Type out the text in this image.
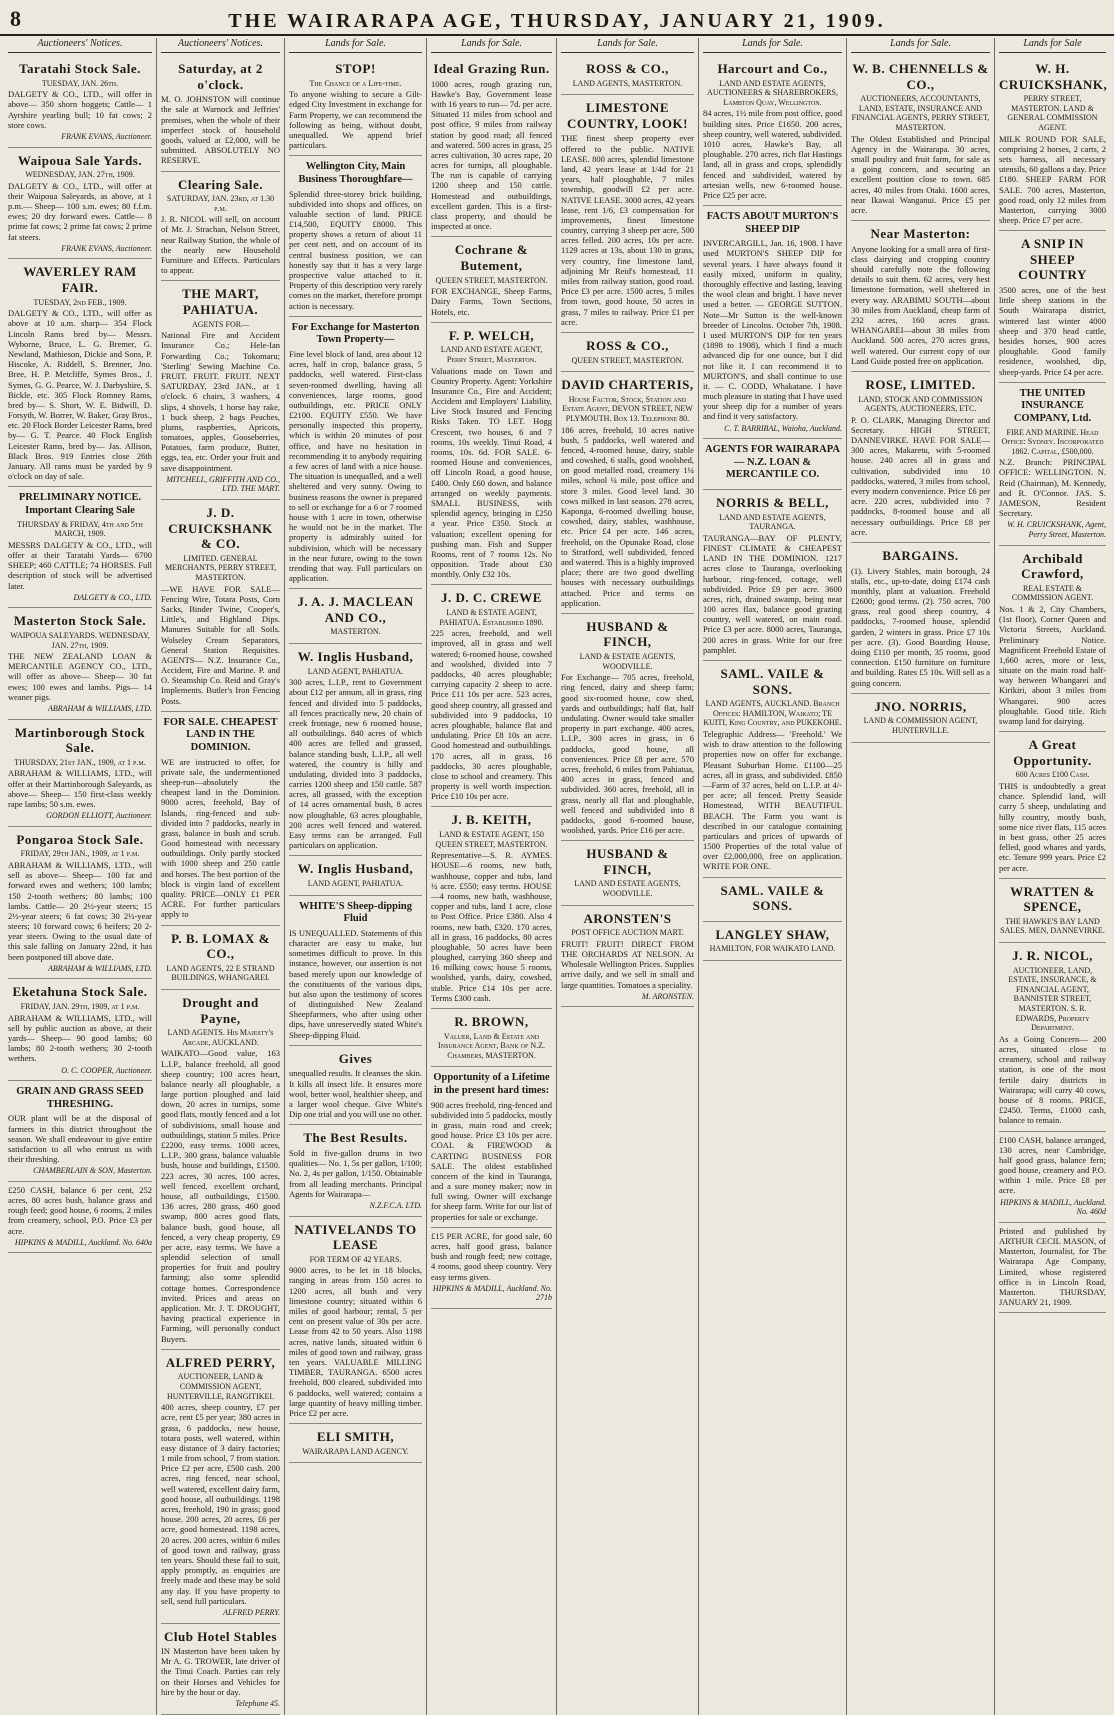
8	THE WAIRARAPA AGE, THURSDAY, JANUARY 21, 1909.
Auctioneers' Notices.
Taratahi Stock Sale.
TUESDAY, JAN. 26th.
DALGETY & CO., LTD., will offer in above— 350 shorn hoggets; Cattle— 1 Ayrshire yearling bull; 10 fat cows; 2 store cows.
FRANK EVANS, Auctioneer.
Waipoua Sale Yards.
WEDNESDAY, JAN. 27th, 1909.
DALGETY & CO., LTD., will offer at their Waipoua Saleyards, as above, at 1 p.m.— Sheep— 100 s.m. ewes; 80 f.f.m. ewes; 20 dry forward ewes. Cattle— 8 prime fat cows; 2 prime fat cows; 2 prime fat steers.
FRANK EVANS, Auctioneer.
WAVERLEY RAM FAIR.
TUESDAY, 2nd FEB., 1909.
DALGETY & CO., LTD., will offer as above at 10 a.m. sharp— 354 Flock Lincoln Rams bred by— Messrs. Wyborne, Bruce, L. G. Bremer, G. Newland, Mathieson, Dickie and Sons, P. Hiscoke, A. Riddell, S. Brenner, Jno. Bree, H. P. Metcliffe, Symes Bros., J. Symes, G. G. Pearce, W. J. Darbyshire, S. Bickle, etc. 305 Flock Romney Rams, bred by— S. Short, W. E. Bidwill, D. Forsyth, W. Borrer, W. Baker, Gray Bros., etc. 20 Flock Border Leicester Rams, bred by— G. T. Pearce. 40 Flock English Leicester Rams, bred by— Jas. Allison, Black Bros. 919 Entries close 26th January. All rams must be yarded by 9 o'clock on day of sale.
PRELIMINARY NOTICE. Important Clearing Sale
THURSDAY & FRIDAY, 4th and 5th MARCH, 1909.
MESSRS DALGETY & CO., LTD., will offer at their Taratahi Yards— 6700 SHEEP; 460 CATTLE; 74 HORSES. Full description of stock will be advertised later.
DALGETY & CO., LTD.
Masterton Stock Sale.
WAIPOUA SALEYARDS. WEDNESDAY, JAN. 27th, 1909.
THE NEW ZEALAND LOAN & MERCANTILE AGENCY CO., LTD., will offer as above— Sheep— 30 fat ewes; 100 ewes and lambs. Pigs— 14 weaner pigs.
ABRAHAM & WILLIAMS, LTD.
Martinborough Stock Sale.
THURSDAY, 21st JAN., 1909, at 1 p.m.
ABRAHAM & WILLIAMS, LTD., will offer at their Martinborough Saleyards, as above— Sheep— 150 first-class weekly rape lambs; 50 s.m. ewes.
GORDON ELLIOTT, Auctioneer.
Pongaroa Stock Sale.
FRIDAY, 29th JAN., 1909, at 1 p.m.
ABRAHAM & WILLIAMS, LTD., will sell as above— Sheep— 100 fat and forward ewes and wethers; 100 lambs; 150 2-tooth wethers; 80 lambs; 100 lambs. Cattle— 20 2½-year steers; 15 2½-year steers; 6 fat cows; 30 2½-year steers; 10 forward cows; 6 heifers; 20 2-year steers. Owing to the usual date of this sale falling on January 22nd, it has been postponed till above date.
ABRAHAM & WILLIAMS, LTD.
Eketahuna Stock Sale.
FRIDAY, JAN. 29th, 1909, at 1 p.m.
ABRAHAM & WILLIAMS, LTD., will sell by public auction as above, at their yards— Sheep— 90 good lambs; 60 lambs; 80 2-tooth wethers; 30 2-tooth wethers.
O. C. COOPER, Auctioneer.
GRAIN AND GRASS SEED THRESHING.
OUR plant will be at the disposal of farmers in this district throughout the season. We shall endeavour to give entire satisfaction to all who entrust us with their threshing.
CHAMBERLAIN & SON, Masterton.
£250 CASH, balance 6 per cent, 252 acres, 80 acres bush, balance grass and rough feed; good house, 6 rooms, 2 miles from creamery, school, P.O. Price £3 per acre.
HIPKINS & MADILL, Auckland. No. 640a
Auctioneers' Notices.
Saturday, at 2 o'clock.
M. O. JOHNSTON will continue the sale at Warnock and Jeffries' premises, when the whole of their imperfect stock of household goods, valued at £2,000, will be submitted. ABSOLUTELY NO RESERVE.
Clearing Sale.
SATURDAY, JAN. 23rd, at 1.30 p.m.
J. R. NICOL will sell, on account of Mr. J. Strachan, Nelson Street, near Railway Station, the whole of the nearly new Household Furniture and Effects. Particulars to appear.
THE MART, PAHIATUA.
AGENTS FOR—
National Fire and Accident Insurance Co.; Hele-Ian Forwarding Co.; Tokomaru; 'Sterling' Sewing Machine Co. FRUIT. FRUIT. FRUIT. NEXT SATURDAY, 23rd JAN., at 1 o'clock. 6 chairs, 3 washers, 4 slips, 4 shovels, 1 horse hay rake, 1 buck sheep, 2 bags Peaches, plums, raspberries, Apricots, tomatoes, apples, Gooseberries, Potatoes, farm produce, Butter, eggs, tea, etc. Order your fruit and save disappointment.
MITCHELL, GRIFFITH AND CO., LTD. THE MART.
J. D. CRUICKSHANK & CO.
LIMITED. GENERAL MERCHANTS, PERRY STREET, MASTERTON.
—WE HAVE FOR SALE— Fencing Wire, Totara Posts, Corn Sacks, Binder Twine, Cooper's, Little's, and Highland Dips. Manures Suitable for all Soils. Wolseley Cream Separators, General Station Requisites. AGENTS— N.Z. Insurance Co., Accident, Fire and Marine. P. and O. Steamship Co. Reid and Gray's Implements. Butler's Iron Fencing Posts.
FOR SALE. CHEAPEST LAND IN THE DOMINION.
WE are instructed to offer, for private sale, the undermentioned sheep-run—absolutely the cheapest land in the Dominion. 9000 acres, freehold, Bay of Islands, ring-fenced and sub-divided into 7 paddocks, nearly in grass, balance in bush and scrub. Good homestead with necessary outbuildings. Only partly stocked with 1000 sheep and 250 cattle and horses. The best portion of the block is virgin land of excellent quality. PRICE—ONLY £1 PER ACRE. For further particulars apply to
P. B. LOMAX & CO.,
LAND AGENTS, 22 E STRAND BUILDINGS, WHANGAREI.
Drought and Payne,
LAND AGENTS. His Majesty's Arcade, AUCKLAND.
WAIKATO—Good value, 163 L.I.P., balance freehold, all good sheep country; 100 acres heart, balance nearly all ploughable, a large portion ploughed and laid down, 20 acres in turnips, some good flats, mostly fenced and a lot of subdivisions, small house and outbuildings, station 5 miles. Price £2200, easy terms. 1000 acres, L.I.P., 300 grass, balance valuable bush, house and buildings, £1500. 223 acres, 30 acres, 100 acres, well fenced, excellent orchard, house, all outbuildings, £1500. 136 acres, 280 grass, 460 good swamp, 800 acres good flats, balance bush, good house, all fenced, a very cheap property, £9 per acre, easy terms. We have a splendid selection of small properties for fruit and poultry farming; also some splendid cottage homes. Correspondence invited. Prices and areas on application. Mr. J. T. DROUGHT, having practical experience in Farming, will personally conduct Buyers.
ALFRED PERRY,
AUCTIONEER, LAND & COMMISSION AGENT, HUNTERVILLE, RANGITIKEI.
400 acres, sheep country, £7 per acre, rent £5 per year; 380 acres in grass, 6 paddocks, new house, totara posts, well watered, within easy distance of 3 dairy factories; 1 mile from school, 7 from station. Price £2 per acre, £500 cash. 200 acres, ring fenced, near school, well watered, excellent dairy farm, good house, all outbuildings. 1198 acres, freehold, 190 in grass; good house. 200 acres, 20 acres, £6 per acre, good homestead. 1198 acres, 20 acres. 200 acres, within 6 miles of good town and railway, grass ten years. Should these fail to suit, apply promptly, as enquiries are freely made and these may be sold any day. If you have property to sell, send full particulars.
ALFRED PERRY.
Club Hotel Stables
IN Masterton have been taken by Mr A. G. TROWER, late driver of the Tinui Coach. Parties can rely on their Horses and Vehicles for hire by the hour or day.
Telephone 45.
Lands for Sale.
STOP!
The Chance of a Life-time.
To anyone wishing to secure a Gilt-edged City Investment in exchange for Farm Property, we can recommend the following as being, without doubt, unequalled. We append brief particulars.
Wellington City, Main Business Thoroughfare—
Splendid three-storey brick building, subdivided into shops and offices, on valuable section of land. PRICE £14,500, EQUITY £8000. This property shows a return of about 11 per cent nett, and on account of its central business position, we can honestly say that it has a very large prospective value attached to it. Property of this description very rarely comes on the market, therefore prompt action is necessary.
For Exchange for Masterton Town Property—
Fine level block of land, area about 12 acres, half in crop, balance grass, 5 paddocks, well watered. First-class seven-roomed dwelling, having all conveniences, large rooms, good outbuildings, etc. PRICE ONLY £2100. EQUITY £550. We have personally inspected this property, which is within 20 minutes of post office, and have no hesitation in recommending it to anybody requiring a few acres of land with a nice house. The situation is unequalled, and a well sheltered and very sunny. Owing to business reasons the owner is prepared to sell or exchange for a 6 or 7 roomed house with 1 acre in town, otherwise he would not be in the market. The property is admirably suited for subdivision, which will be necessary in the near future, owing to the town trending that way. Full particulars on application.
J. A. J. MACLEAN AND CO.,
MASTERTON.
W. Inglis Husband,
LAND AGENT, PAHIATUA.
300 acres, L.I.P., rent to Government about £12 per annum, all in grass, ring fenced and divided into 5 paddocks, all fences practically new, 20 chain of creek frontage, new 6 roomed house, all outbuildings. 840 acres of which 400 acres are felled and grassed, balance standing bush, L.I.P., all well watered, the country is hilly and undulating, divided into 3 paddocks, carries 1200 sheep and 150 cattle. 587 acres, all grassed, with the exception of 14 acres ornamental bush, 8 acres now ploughable, 63 acres ploughable, 200 acres well fenced and watered. Easy terms can be arranged. Full particulars on application.
W. Inglis Husband,
LAND AGENT, PAHIATUA.
WHITE'S Sheep-dipping Fluid
IS UNEQUALLED. Statements of this character are easy to make, but sometimes difficult to prove. In this instance, however, our assertion is not based merely upon our knowledge of the constituents of the various dips, but also upon the testimony of scores of distinguished New Zealand Sheepfarmers, who after using other dips, have unreservedly stated White's Sheep-dipping Fluid.
Gives
unequalled results. It cleanses the skin. It kills all insect life. It ensures more wool, better wool, healthier sheep, and a larger wool cheque. Give White's Dip one trial and you will use no other.
The Best Results.
Sold in five-gallon drums in two qualities— No. 1, 5s per gallon, 1/100; No. 2, 4s per gallon, 1/150. Obtainable from all leading merchants. Principal Agents for Wairarapa—
N.Z.F.C.A. LTD.
NATIVELANDS TO LEASE
FOR TERM OF 42 YEARS.
9000 acres, to be let in 18 blocks, ranging in areas from 150 acres to 1200 acres, all bush and very limestone country; situated within 6 miles of good harbour; rental, 5 per cent on present value of 30s per acre. Lease from 42 to 50 years. Also 1198 acres, native lands, situated within 6 miles of good town and railway, grass ten years. VALUABLE MILLING TIMBER, TAURANGA. 6500 acres freehold, 800 cleared, subdivided into 6 paddocks, well watered; contains a large quantity of heavy milling timber. Price £2 per acre.
ELI SMITH,
WAIRARAPA LAND AGENCY.
Lands for Sale.
Ideal Grazing Run.
1000 acres, rough grazing run, Hawke's Bay, Government lease with 16 years to run— 7d. per acre. Situated 11 miles from school and post office, 9 miles from railway station by good road; all fenced and watered. 500 acres in grass, 25 acres cultivation, 30 acres rape, 20 acres for turnips, all ploughable. The run is capable of carrying 1200 sheep and 150 cattle. Homestead and outbuildings, excellent garden. This is a first-class property, and should be inspected at once.
Cochrane & Butement,
QUEEN STREET, MASTERTON.
FOR EXCHANGE, Sheep Farms, Dairy Farms, Town Sections, Hotels, etc.
F. P. WELCH,
LAND AND ESTATE AGENT, Perry Street, Masterton.
Valuations made on Town and Country Property. Agent: Yorkshire Insurance Co., Fire and Accident; Accident and Employers' Liability, Live Stock Insured and Fencing Risks Taken. TO LET. Hogg Crescent, two houses, 6 and 7 rooms, 10s weekly. Tinui Road, 4 rooms, 10s. 6d. FOR SALE. 6-roomed House and conveniences, off Lincoln Road, a good house, £400. Only £60 down, and balance arranged on weekly payments. SMALL BUSINESS, with splendid agency, bringing in £250 a year. Price £350. Stock at valuation; excellent opening for pushing man. Fish and Supper Rooms, rent of 7 rooms 12s. No opposition. Trade about £30 monthly. Only £32 10s.
J. D. C. CREWE
LAND & ESTATE AGENT, PAHIATUA. Established 1890.
225 acres, freehold, and well improved, all in grass and well watered; 6-roomed house, cowshed and woolshed, divided into 7 paddocks, 40 acres ploughable; carrying capacity 2 sheep to acre. Price £11 10s per acre. 523 acres, good sheep country, all grassed and subdivided into 9 paddocks, 10 acres ploughable, balance flat and undulating. Price £8 10s an acre. Good homestead and outbuildings. 170 acres, all in grass, 16 paddocks, 30 acres ploughable, close to school and creamery. This property is well worth inspection. Price £10 10s per acre.
J. B. KEITH,
LAND & ESTATE AGENT, 150 QUEEN STREET, MASTERTON.
Representative—S. R. AYMES. HOUSE—6 rooms, new bath, washhouse, copper and tubs, land ¼ acre. £550; easy terms. HOUSE—4 rooms, new bath, washhouse, copper and tubs, land 1 acre, close to Post Office. Price £380. Also 4 rooms, new bath, £320. 170 acres, all in grass, 16 paddocks, 80 acres ploughable, 50 acres have been ploughed, carrying 360 sheep and 16 milking cows; house 5 rooms, woolshed, yards, dairy, cowshed, stable. Price £14 10s per acre. Terms £300 cash.
R. BROWN,
Valuer, Land & Estate and Insurance Agent, Bank of N.Z. Chambers, MASTERTON.
Opportunity of a Lifetime in the present hard times:
900 acres freehold, ring-fenced and subdivided into 5 paddocks, mostly in grass, main road and creek; good house. Price £3 10s per acre. COAL & FIREWOOD & CARTING BUSINESS FOR SALE. The oldest established concern of the kind in Tauranga, and a sure money maker; now in full swing. Owner will exchange for sheep farm. Write for our list of properties for sale or exchange.
£15 PER ACRE, for good sale, 60 acres, half good grass, balance bush and rough feed; new cottage, 4 rooms, good sheep country. Very easy terms given.
HIPKINS & MADILL, Auckland. No. 271b
Lands for Sale.
ROSS & CO.,
LAND AGENTS, MASTERTON.
LIMESTONE COUNTRY, LOOK!
THE finest sheep property ever offered to the public. NATIVE LEASE. 800 acres, splendid limestone land, 42 years lease at 1/4d for 21 years, half ploughable, 7 miles township, goodwill £2 per acre. NATIVE LEASE. 3000 acres, 42 years lease, rent 1/6, £3 compensation for improvements, finest limestone country, carrying 3 sheep per acre, 500 acres felled. 200 acres, 10s per acre. 1129 acres at 13s, about 130 in grass, very country, fine limestone land, adjoining Mr Reid's homestead, 11 miles from railway station, good road. Price £3 per acre. 1500 acres, 5 miles from town, good house, 50 acres in grass, 7 miles to railway. Price £1 per acre.
ROSS & CO.,
QUEEN STREET, MASTERTON.
DAVID CHARTERIS,
House Factor, Stock, Station and Estate Agent, DEVON STREET, NEW PLYMOUTH. Box 13. Telephone 80.
186 acres, freehold, 10 acres native bush, 5 paddocks, well watered and fenced, 4-roomed house, dairy, stable and cowshed, 6 stalls, good woolshed, on good metalled road, creamery 1¼ miles, school ¼ mile, post office and store 3 miles. Good level land. 30 cows milked in last season. 278 acres, Kaponga, 6-roomed dwelling house, cowshed, dairy, stables, washhouse, etc. Price £4 per acre. 146 acres, freehold, on the Opunake Road, close to Stratford, well subdivided, fenced and watered. This is a highly improved place; there are two good dwelling houses with necessary outbuildings attached. Price and terms on application.
HUSBAND & FINCH,
LAND & ESTATE AGENTS, WOODVILLE.
For Exchange— 705 acres, freehold, ring fenced, dairy and sheep farm; good six-roomed house, cow shed, yards and outbuildings; half flat, half undulating. Owner would take smaller property in part exchange. 400 acres, L.I.P., 300 acres in grass, in 6 paddocks, good house, all conveniences. Price £8 per acre. 570 acres, freehold, 6 miles from Pahiatua, 400 acres in grass, fenced and subdivided. 360 acres, freehold, all in grass, nearly all flat and ploughable, well fenced and subdivided into 8 paddocks, good 6-roomed house, woolshed, yards. Price £16 per acre.
HUSBAND & FINCH,
LAND AND ESTATE AGENTS, WOODVILLE.
ARONSTEN'S
POST OFFICE AUCTION MART.
FRUIT! FRUIT! DIRECT FROM THE ORCHARDS AT NELSON. At Wholesale Wellington Prices. Supplies arrive daily, and we sell in small and large quantities. Tomatoes a speciality.
M. ARONSTEN.
Lands for Sale.
Harcourt and Co.,
LAND AND ESTATE AGENTS, AUCTIONEERS & SHAREBROKERS, Lambton Quay, Wellington.
84 acres, 1½ mile from post office, good building sites. Price £1650. 200 acres, sheep country, well watered, subdivided. 1010 acres, Hawke's Bay, all ploughable. 270 acres, rich flat Hastings land, all in grass and crops, splendidly fenced and subdivided, watered by artesian wells, new 6-roomed house. Price £25 per acre.
FACTS ABOUT MURTON'S SHEEP DIP
INVERCARGILL, Jan. 16, 1908. I have used MURTON'S SHEEP DIP for several years. I have always found it easily mixed, uniform in quality, thoroughly effective and lasting, leaving the wool clean and bright. I have never used a better. — GEORGE SUTTON. Note—Mr Sutton is the well-known breeder of Lincolns. October 7th, 1908. I used MURTON'S DIP for ten years (1898 to 1908), which I find a much advanced dip for one ounce, but I did not like it. I can recommend it to MURTON'S, and shall continue to use it. — C. CODD, Whakatane. I have much pleasure in stating that I have used your sheep dip for a number of years and find it very satisfactory.
C. T. BARRIBAL, Waioha, Auckland.
AGENTS FOR WAIRARAPA— N.Z. LOAN & MERCANTILE CO.
NORRIS & BELL,
LAND AND ESTATE AGENTS, TAURANGA.
TAURANGA—BAY OF PLENTY, FINEST CLIMATE & CHEAPEST LAND IN THE DOMINION. 1217 acres close to Tauranga, overlooking harbour, ring-fenced, cottage, well subdivided. Price £9 per acre. 3600 acres, rich, drained swamp, being near 100 acres flax, balance good grazing country, well watered, on main road. Price £3 per acre. 8000 acres, Tauranga, 200 acres in grass. Write for our free pamphlet.
SAML. VAILE & SONS.
LAND AGENTS, AUCKLAND. Branch Offices: HAMILTON, Waikato; TE KUITI, King Country, and PUKEKOHE.
Telegraphic Address— 'Freehold.' We wish to draw attention to the following properties now on offer for exchange. Pleasant Suburban Home. £1100—25 acres, all in grass, and subdivided. £850—Farm of 37 acres, held on L.I.P. at 4/- per acre; all fenced. Pretty Seaside Homestead, WITH BEAUTIFUL BEACH. The Farm you want is described in our catalogue containing particulars and prices of upwards of 1500 Properties of the total value of over £2,000,000, free on application. WRITE FOR ONE.
SAML. VAILE & SONS.
LANGLEY SHAW,
HAMILTON, FOR WAIKATO LAND.
Lands for Sale.
W. B. CHENNELLS & CO.,
AUCTIONEERS, ACCOUNTANTS, LAND, ESTATE, INSURANCE AND FINANCIAL AGENTS, PERRY STREET, MASTERTON.
The Oldest Established and Principal Agency in the Wairarapa. 30 acres, small poultry and fruit farm, for sale as a going concern, and securing an excellent position close to town. 685 acres, 40 miles from Otaki. 1600 acres, near Ikawai Wanganui. Price £5 per acre.
Near Masterton:
Anyone looking for a small area of first-class dairying and cropping country should carefully note the following details to suit them. 62 acres, very best limestone formation, well sheltered in every way. ARABIMU SOUTH—about 30 miles from Auckland, cheap farm of 232 acres, 160 acres grass. WHANGAREI—about 38 miles from Auckland. 500 acres, 270 acres grass, well watered. Our current copy of our Land Guide posted free on application.
ROSE, LIMITED.
LAND, STOCK AND COMMISSION AGENTS, AUCTIONEERS, ETC.
P. O. CLARK, Managing Director and Secretary. HIGH STREET, DANNEVIRKE. HAVE FOR SALE— 300 acres, Makaretu, with 5-roomed house. 240 acres all in grass and cultivation, subdivided into 10 paddocks, watered, 3 miles from school, every modern convenience. Price £6 per acre. 220 acres, subdivided into 7 paddocks, 8-roomed house and all necessary outbuildings. Price £8 per acre.
BARGAINS.
(1). Livery Stables, main borough, 24 stalls, etc., up-to-date, doing £174 cash monthly, plant at valuation. Freehold £2600; good terms. (2). 750 acres, 700 grass, real good sheep country, 4 paddocks, 7-roomed house, splendid garden, 2 winters in grass. Price £7 10s per acre. (3). Good Boarding House, doing £110 per month, 35 rooms, good connection. £150 furniture on furniture and building. Rates £5 10s. Will sell as a going concern.
JNO. NORRIS,
LAND & COMMISSION AGENT, HUNTERVILLE.
Lands for Sale
W. H. CRUICKSHANK,
PERRY STREET, MASTERTON. LAND & GENERAL COMMISSION AGENT.
MILK ROUND FOR SALE, comprising 2 horses, 2 carts, 2 sets harness, all necessary utensils, 60 gallons a day. Price £180. SHEEP FARM FOR SALE. 700 acres, Masterton, good road, only 12 miles from Masterton, carrying 3000 sheep. Price £7 per acre.
A SNIP IN SHEEP COUNTRY
3500 acres, one of the best little sheep stations in the South Wairarapa district, wintered last winter 4000 sheep and 370 head cattle, besides horses, 900 acres ploughable. Good family residence, woolshed, dip, sheep-yards. Price £4 per acre.
THE UNITED INSURANCE COMPANY, Ltd.
FIRE AND MARINE. Head Office: Sydney. Incorporated 1862. Capital, £500,000.
N.Z. Branch: PRINCIPAL OFFICE: WELLINGTON. N. Reid (Chairman), M. Kennedy, and R. O'Connor. JAS. S. JAMESON, Resident Secretary.
W. H. CRUICKSHANK, Agent, Perry Street, Masterton.
Archibald Crawford,
REAL ESTATE & COMMISSION AGENT.
Nos. 1 & 2, City Chambers, (1st floor), Corner Queen and Victoria Streets, Auckland. Preliminary Notice. Magnificent Freehold Estate of 1,660 acres, more or less, situate on the main road half-way between Whangarei and Kirikiri, about 3 miles from Whangarei. 900 acres ploughable. Good title. Rich swamp land for dairying.
A Great Opportunity.
600 Acres £100 Cash.
THIS is undoubtedly a great chance. Splendid land, will carry 5 sheep, undulating and hilly country, mostly bush, some nice river flats, 115 acres in best grass, other 25 acres felled, good whares and yards, etc. Tenure 999 years. Price £2 per acre.
WRATTEN & SPENCE,
THE HAWKE'S BAY LAND SALES. MEN, DANNEVIRKE.
J. R. NICOL,
AUCTIONEER, LAND, ESTATE, INSURANCE, & FINANCIAL AGENT, BANNISTER STREET, MASTERTON. S. R. EDWARDS, Property Department.
As a Going Concern— 200 acres, situated close to creamery, school and railway station, is one of the most fertile dairy districts in Wairarapa; will carry 40 cows, house of 8 rooms. PRICE, £2450. Terms, £1000 cash, balance to remain.
£100 CASH, balance arranged, 130 acres, near Cambridge, half good grass, balance fern; good house, creamery and P.O. within 1 mile. Price £8 per acre.
HIPKINS & MADILL, Auckland. No. 460d
Printed and published by ARTHUR CECIL MASON, of Masterton, Journalist, for The Wairarapa Age Company, Limited, whose registered office is in Lincoln Road, Masterton. THURSDAY, JANUARY 21, 1909.
